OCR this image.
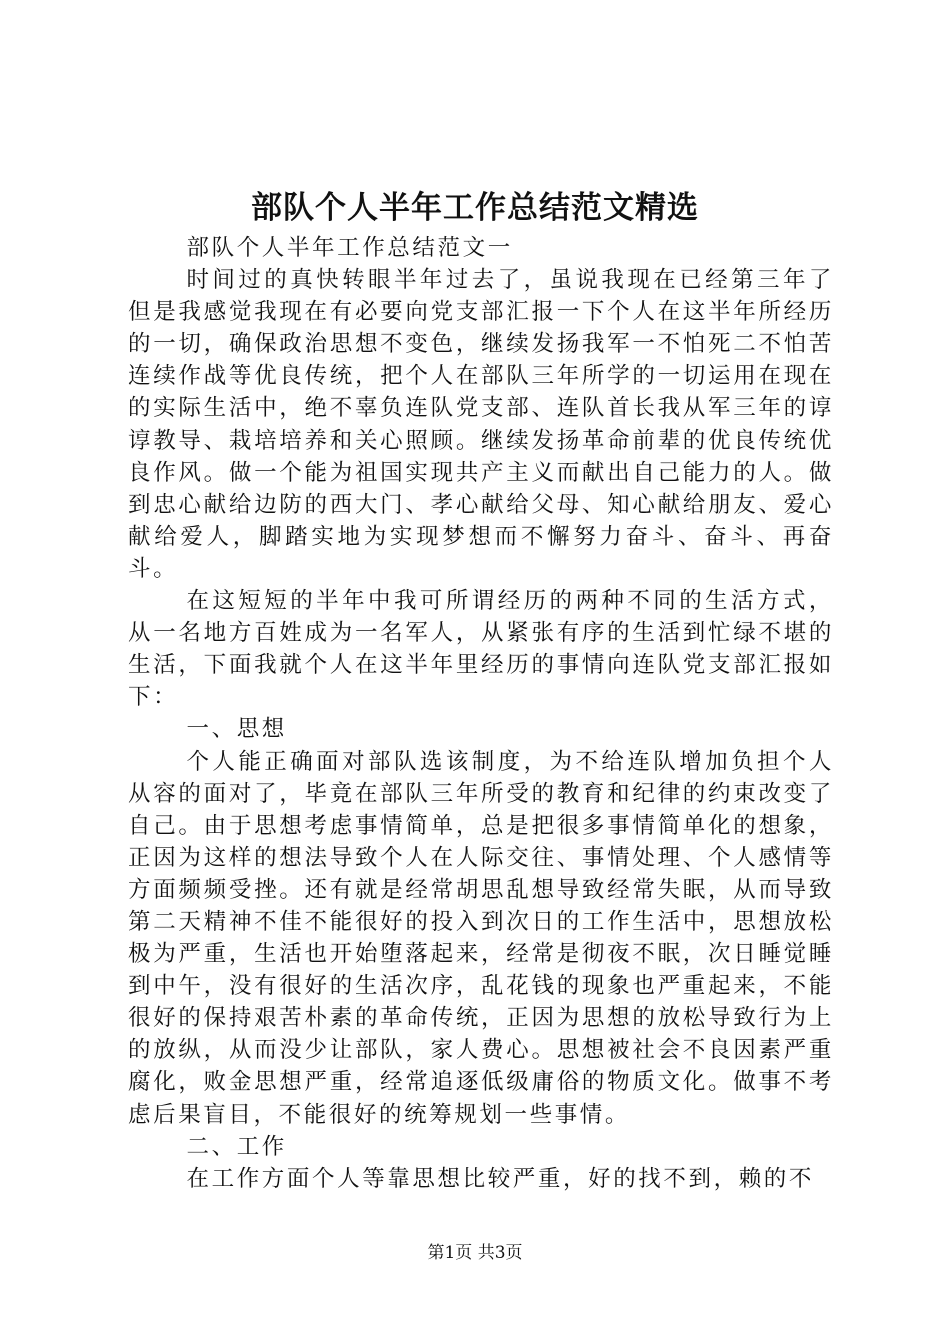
部队个人半年工作总结范文精选

部队个人半年工作总结范文一

时间过的真快转眼半年过去了，虽说我现在已经第三年了但是我感觉我现在有必要向党支部汇报一下个人在这半年所经历的一切，确保政治思想不变色，继续发扬我军一不怕死二不怕苦连续作战等优良传统，把个人在部队三年所学的一切运用在现在的实际生活中，绝不辜负连队党支部、连队首长我从军三年的谆谆教导、栽培培养和关心照顾。继续发扬革命前辈的优良传统优良作风。做一个能为祖国实现共产主义而献出自己能力的人。做到忠心献给边防的西大门、孝心献给父母、知心献给朋友、爱心献给爱人，脚踏实地为实现梦想而不懈努力奋斗、奋斗、再奋斗。

在这短短的半年中我可所谓经历的两种不同的生活方式，从一名地方百姓成为一名军人，从紧张有序的生活到忙绿不堪的生活，下面我就个人在这半年里经历的事情向连队党支部汇报如下：

一、思想

个人能正确面对部队选该制度，为不给连队增加负担个人从容的面对了，毕竟在部队三年所受的教育和纪律的约束改变了自己。由于思想考虑事情简单，总是把很多事情简单化的想象，正因为这样的想法导致个人在人际交往、事情处理、个人感情等方面频频受挫。还有就是经常胡思乱想导致经常失眠，从而导致第二天精神不佳不能很好的投入到次日的工作生活中，思想放松极为严重，生活也开始堕落起来，经常是彻夜不眠，次日睡觉睡到中午，没有很好的生活次序，乱花钱的现象也严重起来，不能很好的保持艰苦朴素的革命传统，正因为思想的放松导致行为上的放纵，从而没少让部队，家人费心。思想被社会不良因素严重腐化，败金思想严重，经常追逐低级庸俗的物质文化。做事不考虑后果盲目，不能很好的统筹规划一些事情。

二、工作

在工作方面个人等靠思想比较严重，好的找不到，赖的不

第1页 共3页
